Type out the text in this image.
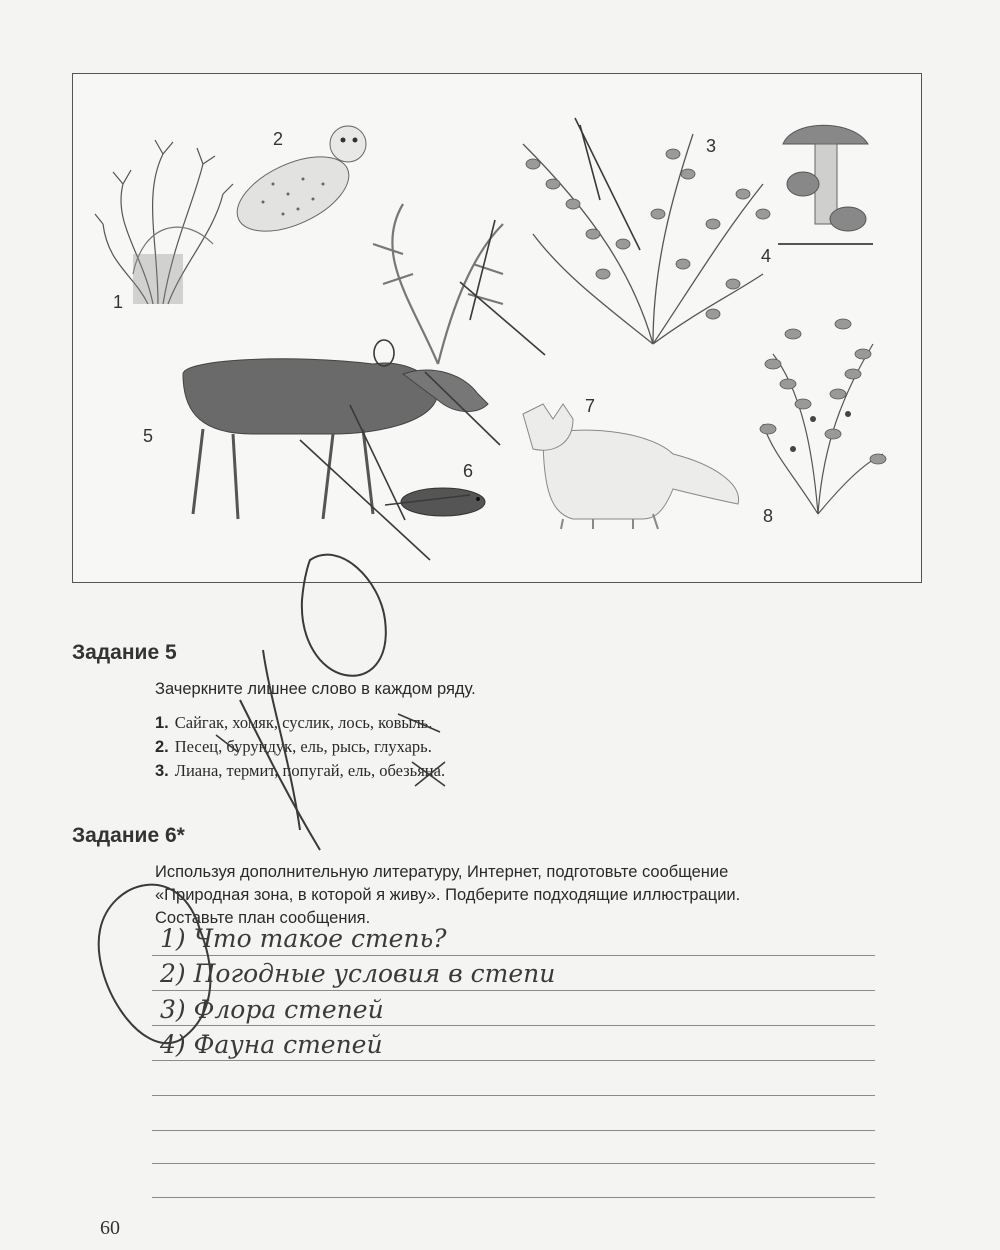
1
2	3
4
5
6
7
8
Задание 5
Зачеркните лишнее слово в каждом ряду.
1. Сайгак, хомяк, суслик, лось, ковыль.
2. Песец, бурундук, ель, рысь, глухарь.
3. Лиана, термит, попугай, ель, обезьяна.
Задание 6*
Используя дополнительную литературу, Интернет, подготовьте сообщение
«Природная зона, в которой я живу». Подберите подходящие иллюстрации.
Составьте план сообщения.
1) Что такое степь?
2) Погодные условия в степи
3) Флора степей
4) Фауна степей
60
